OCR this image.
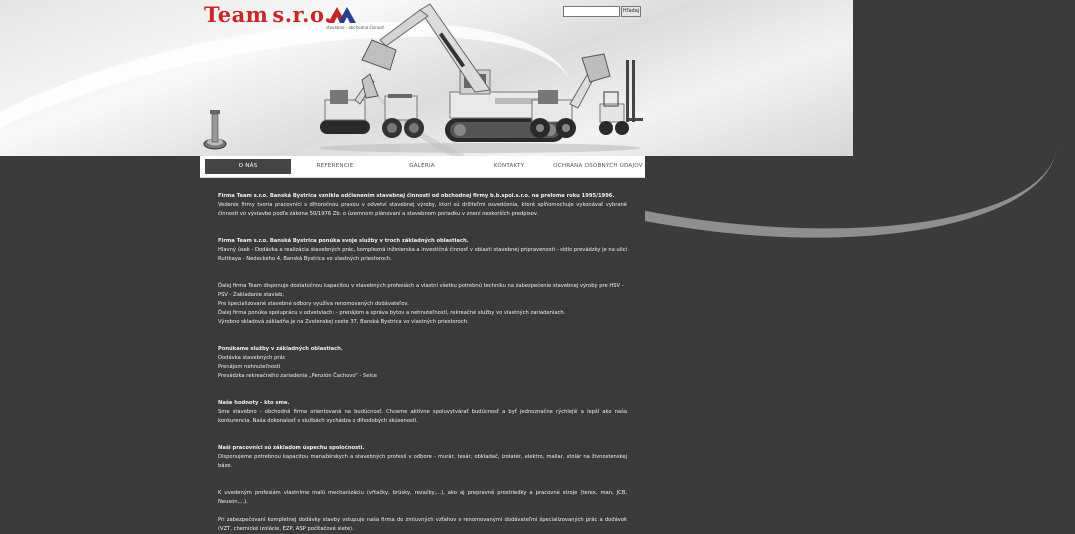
Team s.r.o.
stavebno - obchodná činnosť
Hľadaj
O NÁS	REFERENCIE	GALÉRIA	KONTAKTY	OCHRANA OSOBNÝCH ÚDAJOV

Firma Team s.r.o. Banská Bystrica vznikla odčlenením stavebnej činnosti od obchodnej firmy b.b.spol.s.r.o. na prelome roku 1995/1996.
Vedenie firmy tvoria pracovníci s dlhoročnou praxou v odvetví stavebnej výroby, ktorí sú držiteľmi osvedčenia, ktoré spĺňomochuje vykonávať vybrané činnosti vo výstavbe podľa zákona 50/1976 Zb. o územnom plánovaní a stavebnom poriadku v znení neskorších predpisov.

Firma Team s.r.o. Banská Bystrica ponúka svoje služby v troch základných oblastiach.
Hlavný úsek - Dodávka a realizácia stavebných prác, komplexná inžinierska a investičná činnosť v oblasti stavebnej pripravenosti - sídlo prevádzky je na ulici Ruttkaya - Nedeckého 4, Banská Bystrica vo vlastných priestoroch.

Ďalej firma Team disponuje dostatočnou kapacitou v stavebných profesiách a vlastní všetku potrebnú techniku na zabezpečenie stavebnej výroby pre HSV - PSV - Zakladanie stavieb.
Pre špecializované stavebné odbory využíva renomovaných dodávateľov.
Ďalej firma ponúka spoluprácu v odvetviach: - prenájom a správa bytov a nehnuteľností, rekreačné služby vo vlastných zariadeniach.
Výrobno skladová základňa je na Zvolenskej ceste 37, Banská Bystrica vo vlastných priestoroch.

Ponúkame služby v základných oblastiach.
Dodávka stavebných prác
Prenájom nehnuteľností
Prevádzka rekreačného zariadenia „Penzión Čachovo“ - Selce

Naše hodnoty - kto sme.
Sme stavebno - obchodná firma orientovaná na budúcnosť. Chceme aktívne spoluvytvárať budúcnosť a byť jednoznačne rýchlejší a lepší ako naša konkurencia. Naša dokonalosť v službách vychádza z dlhodobých skúseností.

Naši pracovníci sú základom úspechu spoločnosti.
Disponujeme potrebnou kapacitou manažérskych a stavebných profesií v odbore - murár, tesár, obkladač, izolatér, elektro, maliar, stolár na živnostenskej báze.

K uvedeným profesiám vlastníme malú mechanizáciu (vŕtačky, brúsky, rezačky,...), ako aj prepravné prostriedky a pracovné stroje (terex, man, JCB, Neuson,...).

Pri zabezpečovaní kompletnej dodávky stavby vstupuje naša firma do zmluvných vzťahov s renomovanými dodávateľmi špecializovaných prác a dodávok (VZT, chemické izolácie, EZP, ASP počítačové siete).
